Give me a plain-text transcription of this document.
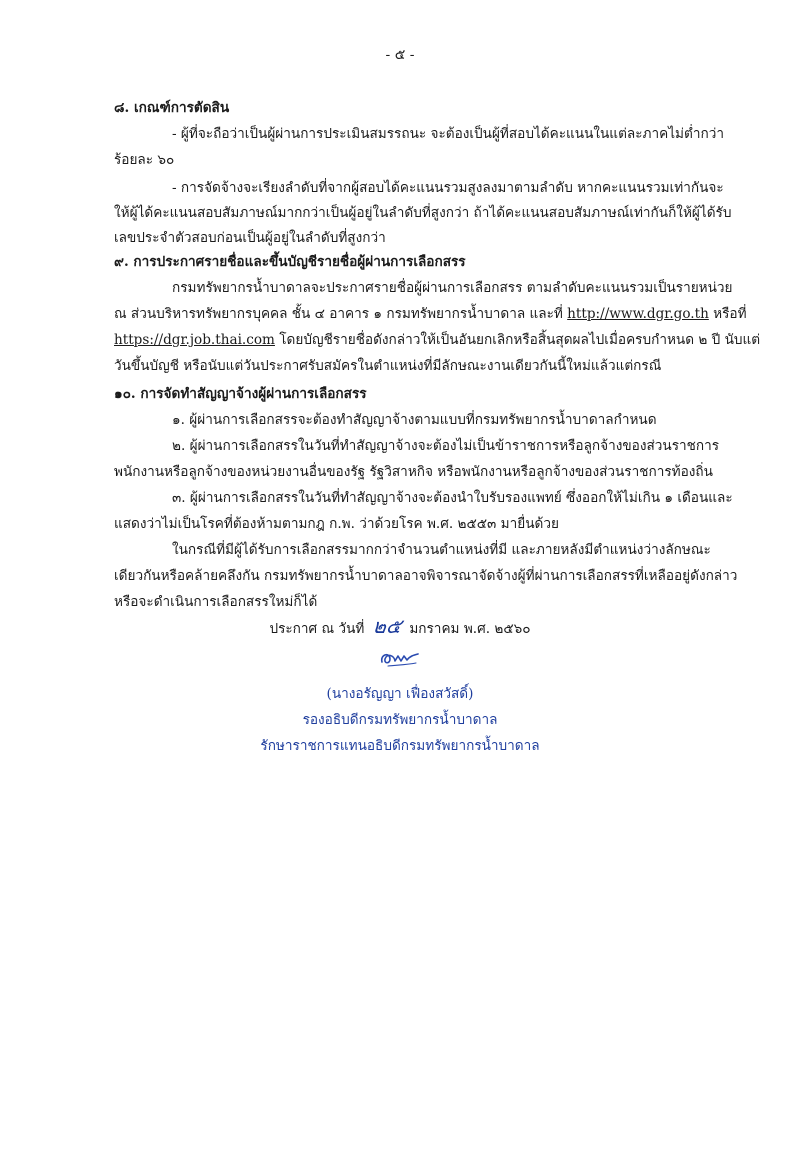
- ๕ -
๘. เกณฑ์การตัดสิน
- ผู้ที่จะถือว่าเป็นผู้ผ่านการประเมินสมรรถนะ จะต้องเป็นผู้ที่สอบได้คะแนนในแต่ละภาคไม่ต่ำกว่า
ร้อยละ ๖๐
- การจัดจ้างจะเรียงลำดับที่จากผู้สอบได้คะแนนรวมสูงลงมาตามลำดับ หากคะแนนรวมเท่ากันจะ
ให้ผู้ได้คะแนนสอบสัมภาษณ์มากกว่าเป็นผู้อยู่ในลำดับที่สูงกว่า ถ้าได้คะแนนสอบสัมภาษณ์เท่ากันก็ให้ผู้ได้รับ
เลขประจำตัวสอบก่อนเป็นผู้อยู่ในลำดับที่สูงกว่า
๙. การประกาศรายชื่อและขึ้นบัญชีรายชื่อผู้ผ่านการเลือกสรร
กรมทรัพยากรน้ำบาดาลจะประกาศรายชื่อผู้ผ่านการเลือกสรร ตามลำดับคะแนนรวมเป็นรายหน่วย
ณ ส่วนบริหารทรัพยากรบุคคล ชั้น ๔ อาคาร ๑ กรมทรัพยากรน้ำบาดาล และที่ http://www.dgr.go.th หรือที่
https://dgr.job.thai.com โดยบัญชีรายชื่อดังกล่าวให้เป็นอันยกเลิกหรือสิ้นสุดผลไปเมื่อครบกำหนด ๒ ปี นับแต่
วันขึ้นบัญชี หรือนับแต่วันประกาศรับสมัครในตำแหน่งที่มีลักษณะงานเดียวกันนี้ใหม่แล้วแต่กรณี
๑๐. การจัดทำสัญญาจ้างผู้ผ่านการเลือกสรร
๑. ผู้ผ่านการเลือกสรรจะต้องทำสัญญาจ้างตามแบบที่กรมทรัพยากรน้ำบาดาลกำหนด
๒. ผู้ผ่านการเลือกสรรในวันที่ทำสัญญาจ้างจะต้องไม่เป็นข้าราชการหรือลูกจ้างของส่วนราชการ
พนักงานหรือลูกจ้างของหน่วยงานอื่นของรัฐ รัฐวิสาหกิจ หรือพนักงานหรือลูกจ้างของส่วนราชการท้องถิ่น
๓. ผู้ผ่านการเลือกสรรในวันที่ทำสัญญาจ้างจะต้องนำใบรับรองแพทย์ ซึ่งออกให้ไม่เกิน ๑ เดือนและ
แสดงว่าไม่เป็นโรคที่ต้องห้ามตามกฎ ก.พ. ว่าด้วยโรค พ.ศ. ๒๕๕๓ มายื่นด้วย
ในกรณีที่มีผู้ได้รับการเลือกสรรมากกว่าจำนวนตำแหน่งที่มี และภายหลังมีตำแหน่งว่างลักษณะ
เดียวกันหรือคล้ายคลึงกัน กรมทรัพยากรน้ำบาดาลอาจพิจารณาจัดจ้างผู้ที่ผ่านการเลือกสรรที่เหลืออยู่ดังกล่าว
หรือจะดำเนินการเลือกสรรใหม่ก็ได้
ประกาศ ณ วันที่ ๒๕ มกราคม พ.ศ. ๒๕๖๐
(นางอรัญญา เฟื่องสวัสดิ์)
รองอธิบดีกรมทรัพยากรน้ำบาดาล
รักษาราชการแทนอธิบดีกรมทรัพยากรน้ำบาดาล
